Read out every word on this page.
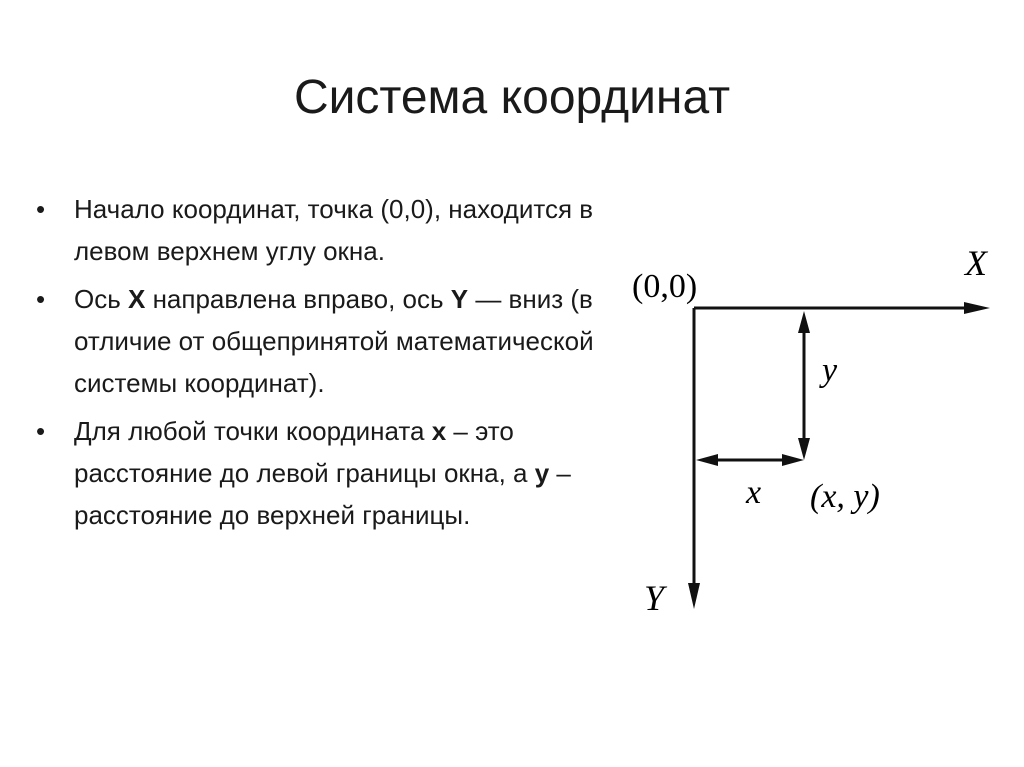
Система координат
• Начало координат, точка (0,0), находится в левом верхнем углу окна.
• Ось X направлена вправо, ось Y — вниз (в отличие от общепринятой математической системы координат).
• Для любой точки координата x – это расстояние до левой границы окна, а y – расстояние до верхней границы.
(0,0)
X
Y
y
x (x, y)
